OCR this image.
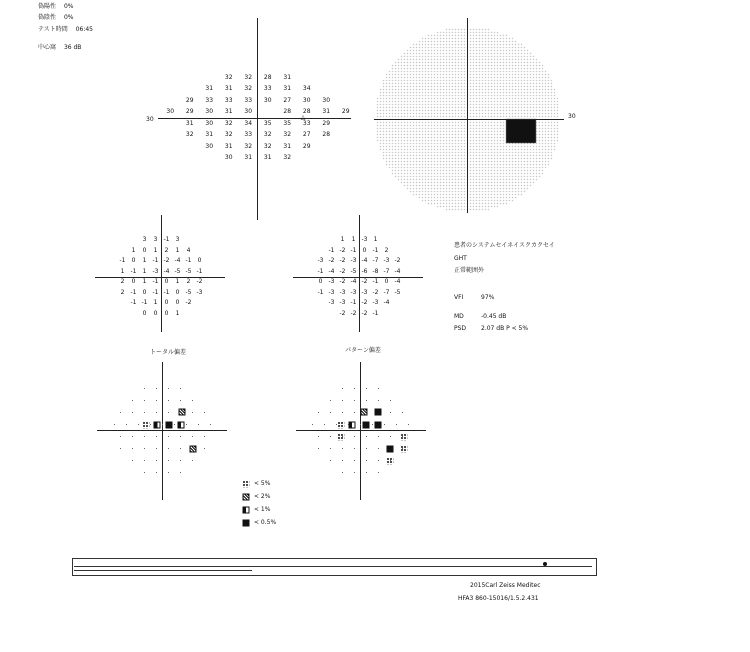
偽陽性 0%
偽陰性 0%
テスト時間 06:45
中心窩 36 dB
30
32 32 28 31
31 31 32 33 31 34
29 33 33 33 30 27 30 30
30 29 30 31 30	28 28 31 29
31 30 32 34 35 35 33 29
32 31 32 33 32 32 27 28
30 31 32 32 31 29
30 31 31 32
△	30
3 3 -1 3
1 0 1 2 1 4
-1 0 1 -1 -2 -4 -1 0
1 -1 1 -3 -4 -5 -5 -1
2 0 1 -1 0 1 2 -2
2 -1 0 -1 -1 0 -5 -3
-1 -1 1 0 0 -2
0 0 0 1
1 1 -3 1
-1 -2 -1 0 -1 2
-3 -2 -2 -3 -4 -7 -3 -2
-1 -4 -2 -5 -6 -8 -7 -4
0 -3 -2 -4 -2 -1 0 -4
-1 -3 -3 -3 -3 -2 -7 -5
-3 -3 -1 -2 -3 -4
-2 -2 -2 -1
トータル偏差	パターン偏差
患者のシステムセイネイスクカクセイ
GHT
正常範囲外
VFI	97%
MD	-0.45 dB
PSD 2.07 dB P < 5%
< 5%
< 2%
< 1%
< 0.5%
2015Carl Zeiss Meditec
HFA3 860-15016/1.5.2.431
